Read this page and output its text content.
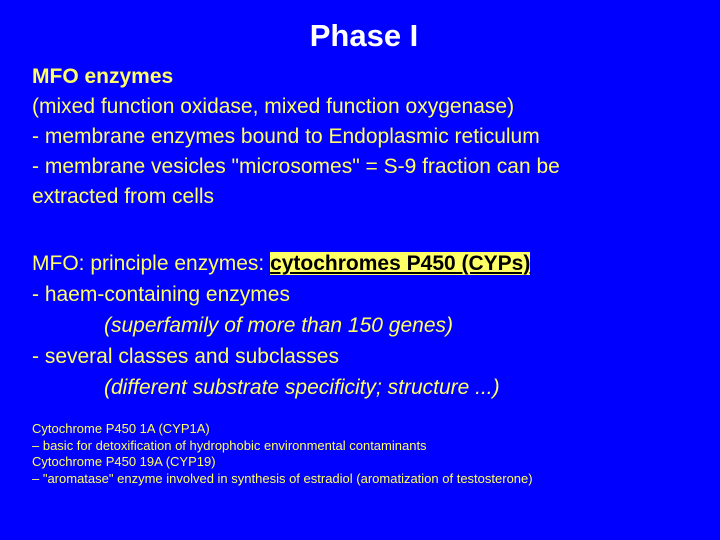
Phase I
MFO enzymes
(mixed function oxidase, mixed function oxygenase)
- membrane enzymes bound to Endoplasmic reticulum
- membrane vesicles "microsomes" = S-9 fraction can be
extracted from cells
MFO: principle enzymes: cytochromes P450 (CYPs)
- haem-containing enzymes
(superfamily of more than 150 genes)
- several classes and subclasses
(different substrate specificity; structure ...)
Cytochrome P450 1A (CYP1A)
– basic for detoxification of hydrophobic environmental contaminants
Cytochrome P450 19A (CYP19)
– "aromatase" enzyme involved in synthesis of estradiol (aromatization of testosterone)
